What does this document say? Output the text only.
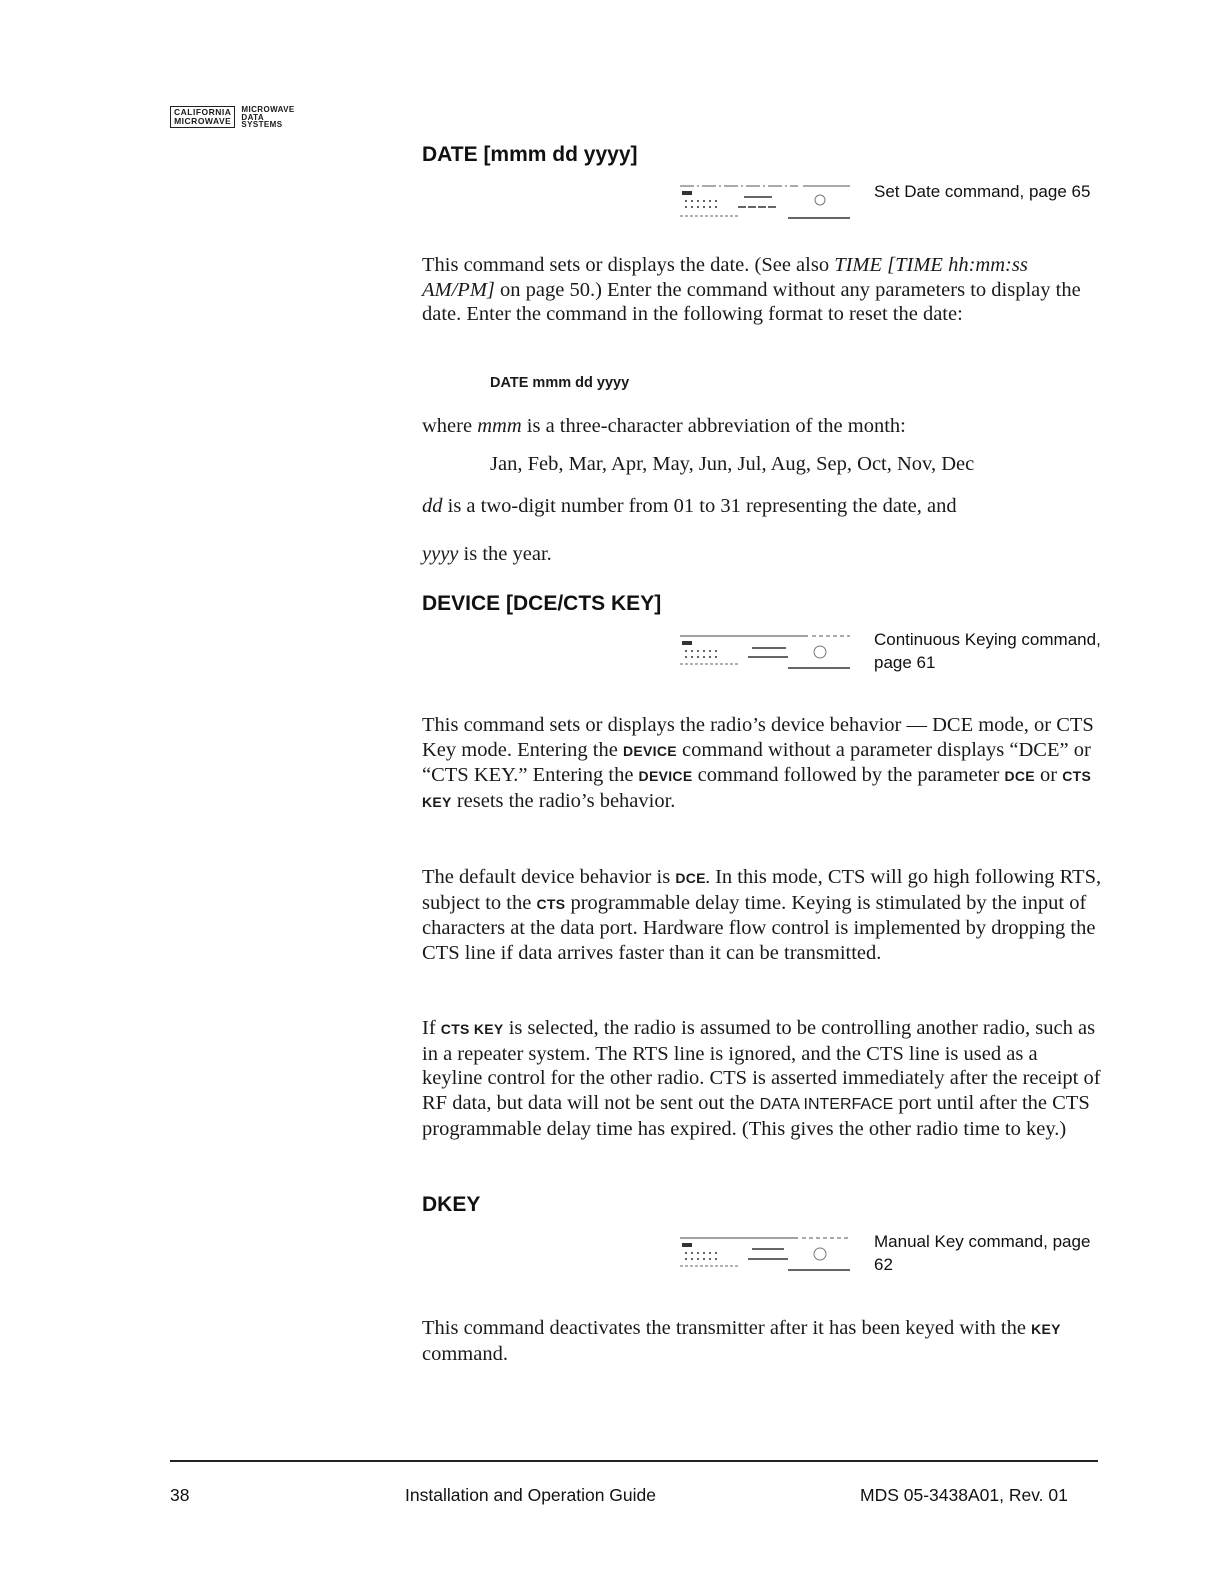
CALIFORNIA
MICROWAVE
MICROWAVE
DATA
SYSTEMS
DATE [mmm dd yyyy]
Set Date command, page 65
This command sets or displays the date. (See also TIME [TIME hh:mm:ss AM/PM] on page 50.) Enter the command without any parameters to display the date. Enter the command in the following format to reset the date:
DATE mmm dd yyyy
where mmm is a three-character abbreviation of the month:
Jan, Feb, Mar, Apr, May, Jun, Jul, Aug, Sep, Oct, Nov, Dec
dd is a two-digit number from 01 to 31 representing the date, and
yyyy is the year.
DEVICE [DCE/CTS KEY]
Continuous Keying command, page 61
This command sets or displays the radio’s device behavior — DCE mode, or CTS Key mode. Entering the DEVICE command without a parameter displays “DCE” or “CTS KEY.” Entering the DEVICE command followed by the parameter DCE or CTS KEY resets the radio’s behavior.
The default device behavior is DCE. In this mode, CTS will go high following RTS, subject to the CTS programmable delay time. Keying is stimulated by the input of characters at the data port. Hardware flow control is implemented by dropping the CTS line if data arrives faster than it can be transmitted.
If CTS KEY is selected, the radio is assumed to be controlling another radio, such as in a repeater system. The RTS line is ignored, and the CTS line is used as a keyline control for the other radio. CTS is asserted immediately after the receipt of RF data, but data will not be sent out the DATA INTERFACE port until after the CTS programmable delay time has expired. (This gives the other radio time to key.)
DKEY
Manual Key command, page 62
This command deactivates the transmitter after it has been keyed with the KEY command.
38	Installation and Operation Guide	MDS 05-3438A01, Rev. 01
